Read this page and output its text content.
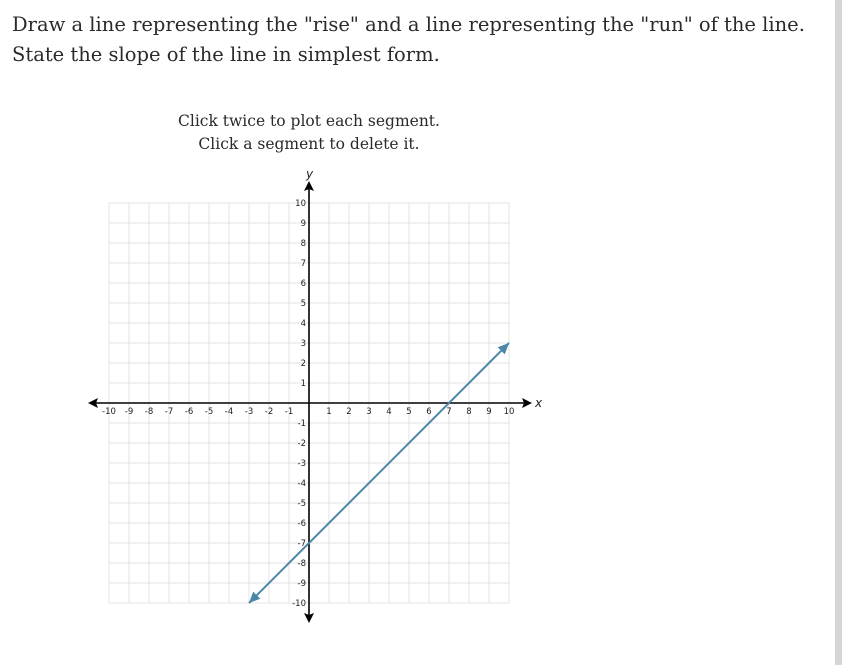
Draw a line representing the "rise" and a line representing the "run" of the line. State the slope of the line in simplest form.
Click twice to plot each segment.
Click a segment to delete it.
x
y
-10 -9 -8 -7 -6 -5 -4 -3 -2 -1	1 2 3 4 5 6 7 8 9 10
10
9
8
7
6
5
4
3
2
1
-1
-2
-3
-4
-5
-6
-7
-8
-9
-10
